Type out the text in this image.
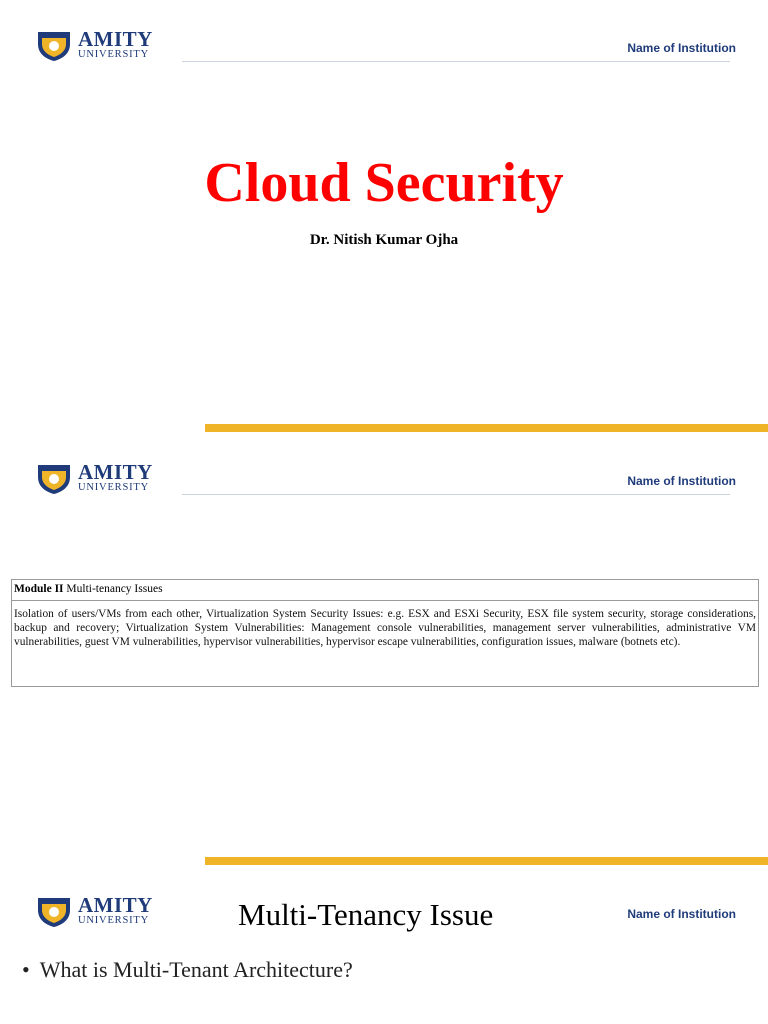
AMITY
UNIVERSITY	Name of Institution
Cloud Security
Dr. Nitish Kumar Ojha
AMITY
UNIVERSITY	Name of Institution
Module II Multi-tenancy Issues
Isolation of users/VMs from each other, Virtualization System Security Issues: e.g. ESX and ESXi Security, ESX file system security, storage considerations, backup and recovery; Virtualization System Vulnerabilities: Management console vulnerabilities, management server vulnerabilities, administrative VM vulnerabilities, guest VM vulnerabilities, hypervisor vulnerabilities, hypervisor escape vulnerabilities, configuration issues, malware (botnets etc).
AMITY
UNIVERSITY	Multi-Tenancy Issue	Name of Institution
• What is Multi-Tenant Architecture?
